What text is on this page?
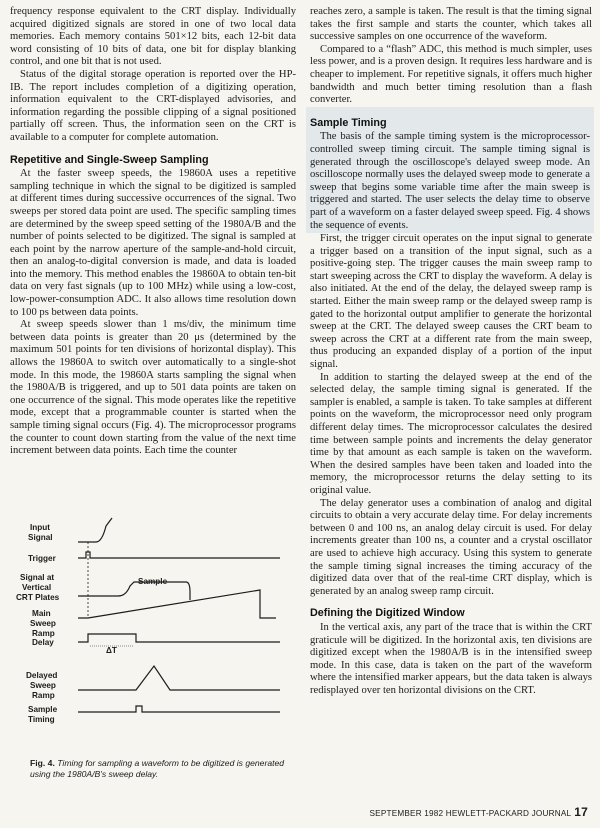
frequency response equivalent to the CRT display. Individually acquired digitized signals are stored in one of two local data memories. Each memory contains 501×12 bits, each 12-bit data word consisting of 10 bits of data, one bit for display blanking control, and one bit that is not used.

Status of the digital storage operation is reported over the HP-IB. The report includes completion of a digitizing operation, information equivalent to the CRT-displayed advisories, and information regarding the possible clipping of a signal positioned partially off screen. Thus, the information seen on the CRT is available to a computer for complete automation.

Repetitive and Single-Sweep Sampling

At the faster sweep speeds, the 19860A uses a repetitive sampling technique in which the signal to be digitized is sampled at different times during successive occurrences of the signal. Two sweeps per stored data point are used. The specific sampling times are determined by the sweep speed setting of the 1980A/B and the number of points selected to be digitized. The signal is sampled at each point by the narrow aperture of the sample-and-hold circuit, then an analog-to-digital conversion is made, and data is loaded into the memory. This method enables the 19860A to obtain ten-bit data on very fast signals (up to 100 MHz) while using a low-cost, low-power-consumption ADC. It also allows time resolution down to 100 ps between data points.

At sweep speeds slower than 1 ms/div, the minimum time between data points is greater than 20 μs (determined by the maximum 501 points for ten divisions of horizontal display). This allows the 19860A to switch over automatically to a single-shot mode. In this mode, the 19860A starts sampling the signal when the 1980A/B is triggered, and up to 501 data points are taken on one occurrence of the signal. This mode operates like the repetitive mode, except that a programmable counter is started when the sample timing signal occurs (Fig. 4). The microprocessor programs the counter to count down starting from the value of the next time increment between data points. Each time the counter

Input Signal
Trigger
Signal at Vertical CRT Plates
Sample
Main Sweep Ramp
Delay
ΔT
Delayed Sweep Ramp
Sample Timing
Fig. 4. Timing for sampling a waveform to be digitized is generated using the 1980A/B's sweep delay.

reaches zero, a sample is taken. The result is that the timing signal takes the first sample and starts the counter, which takes all successive samples on one occurrence of the waveform.

Compared to a “flash” ADC, this method is much simpler, uses less power, and is a proven design. It requires less hardware and is cheaper to implement. For repetitive signals, it offers much higher bandwidth and much better timing resolution than a flash converter.

Sample Timing

The basis of the sample timing system is the microprocessor-controlled sweep timing circuit. The sample timing signal is generated through the oscilloscope's delayed sweep mode. An oscilloscope normally uses the delayed sweep mode to generate a sweep that begins some variable time after the main sweep is triggered and started. The user selects the delay time to observe part of a waveform on a faster delayed sweep speed. Fig. 4 shows the sequence of events.

First, the trigger circuit operates on the input signal to generate a trigger based on a transition of the input signal, such as a positive-going step. The trigger causes the main sweep ramp to start sweeping across the CRT to display the waveform. A delay is also initiated. At the end of the delay, the delayed sweep ramp is started. Either the main sweep ramp or the delayed sweep ramp is gated to the horizontal output amplifier to generate the horizontal sweep at the CRT. The delayed sweep causes the CRT beam to sweep across the CRT at a different rate from the main sweep, thus producing an expanded display of a portion of the input signal.

In addition to starting the delayed sweep at the end of the selected delay, the sample timing signal is generated. If the sampler is enabled, a sample is taken. To take samples at different points on the waveform, the microprocessor need only program different delay times. The microprocessor calculates the desired time between sample points and increments the delay generator time by that amount as each sample is taken on the waveform. When the desired samples have been taken and loaded into the memory, the microprocessor returns the delay setting to its original value.

The delay generator uses a combination of analog and digital circuits to obtain a very accurate delay time. For delay increments between 0 and 100 ns, an analog delay circuit is used. For delay increments greater than 100 ns, a counter and a crystal oscillator are used to achieve high accuracy. Using this system to generate the sample timing signal increases the timing accuracy of the digitized data over that of the real-time CRT display, which is generated by an analog sweep ramp circuit.

Defining the Digitized Window

In the vertical axis, any part of the trace that is within the CRT graticule will be digitized. In the horizontal axis, ten divisions are digitized except when the 1980A/B is in the intensified sweep mode. In this case, data is taken on the part of the waveform where the intensified marker appears, but the data taken is always redisplayed over ten horizontal divisions on the CRT.

SEPTEMBER 1982 HEWLETT-PACKARD JOURNAL 17
